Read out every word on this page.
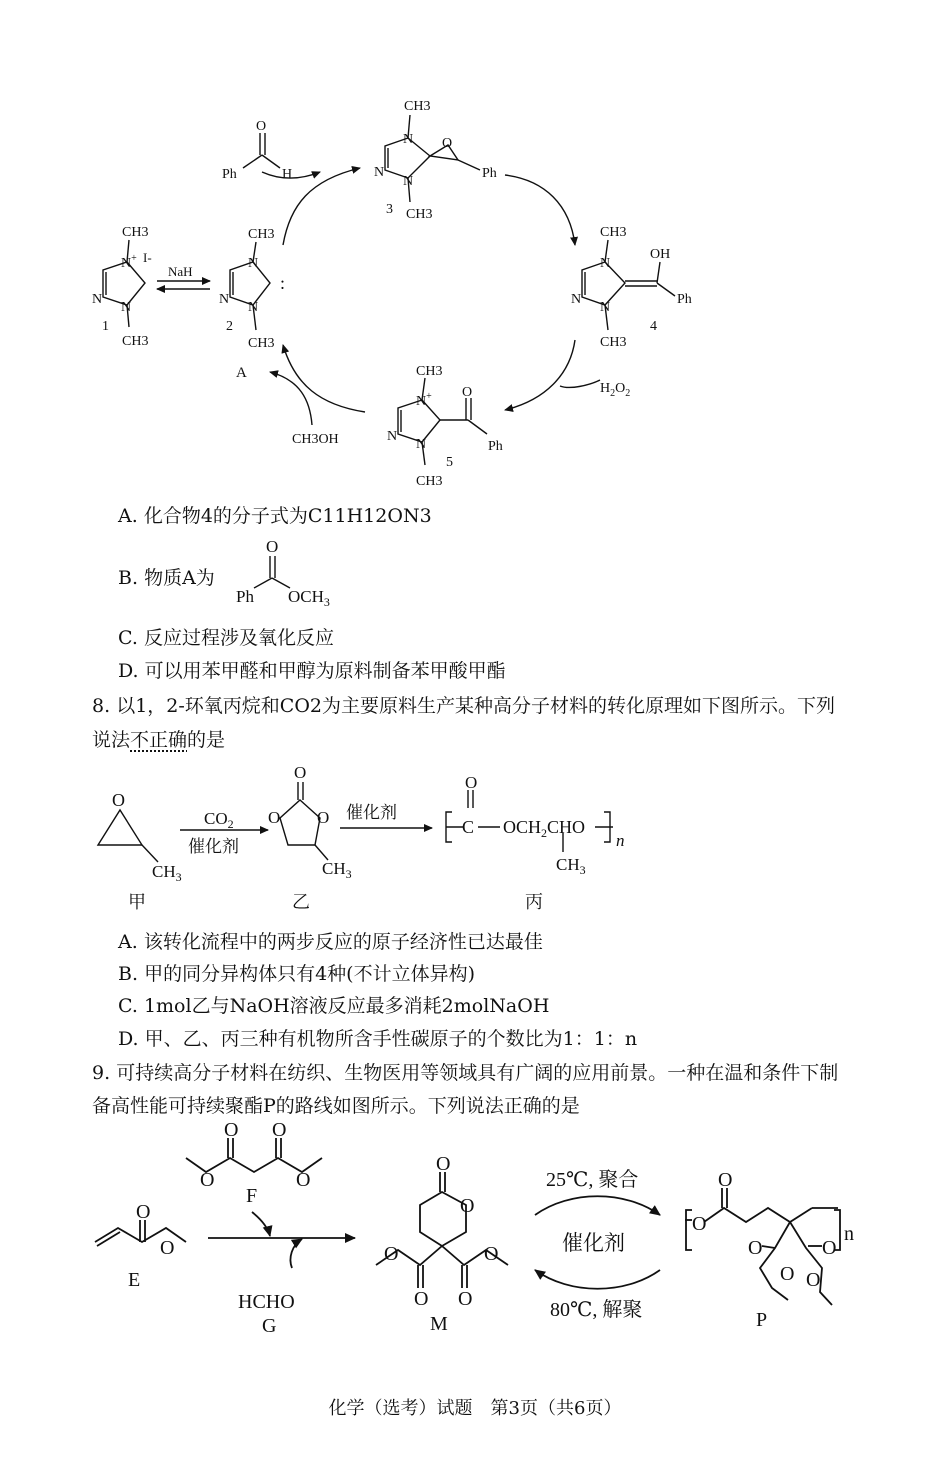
CH3
N+ I-
N
N
CH3
1
NaH
CH3
N
N
N
:
CH3
2
O
Ph	H
CH3
N O
N
N
Ph
3 CH3
CH3
N
N
N
OH
Ph
CH3
4
$H_2O_2$
CH3
N+ O
N
N	Ph
5
CH3
A
CH3OH
A. 化合物4的分子式为C11H12ON3
B. 物质A为
O
Ph $OCH_3$
C. 反应过程涉及氧化反应
D. 可以用苯甲醛和甲醇为原料制备苯甲酸甲酯
8. 以1，2-环氧丙烷和CO2为主要原料生产某种高分子材料的转化原理如下图所示。下列
说法不正确的是
O
$CH_3$
$CO_2$
催化剂
O
O O
$CH_3$
催化剂
O
C $OCH_2CHO$
$CH_3$
n
甲	乙	丙
A. 该转化流程中的两步反应的原子经济性已达最佳
B. 甲的同分异构体只有4种(不计立体异构)
C. 1mol乙与NaOH溶液反应最多消耗2molNaOH
D. 甲、乙、丙三种有机物所含手性碳原子的个数比为1：1：n
9. 可持续高分子材料在纺织、生物医用等领域具有广阔的应用前景。一种在温和条件下制
备高性能可持续聚酯P的路线如图所示。下列说法正确的是
O O
O	O
F
O
O
E
HCHO
G
O
O
O	O
O O
M
25℃, 聚合
催化剂
80℃, 解聚
O
O
n
O	O
O O
P
化学（选考）试题　第3页（共6页）
